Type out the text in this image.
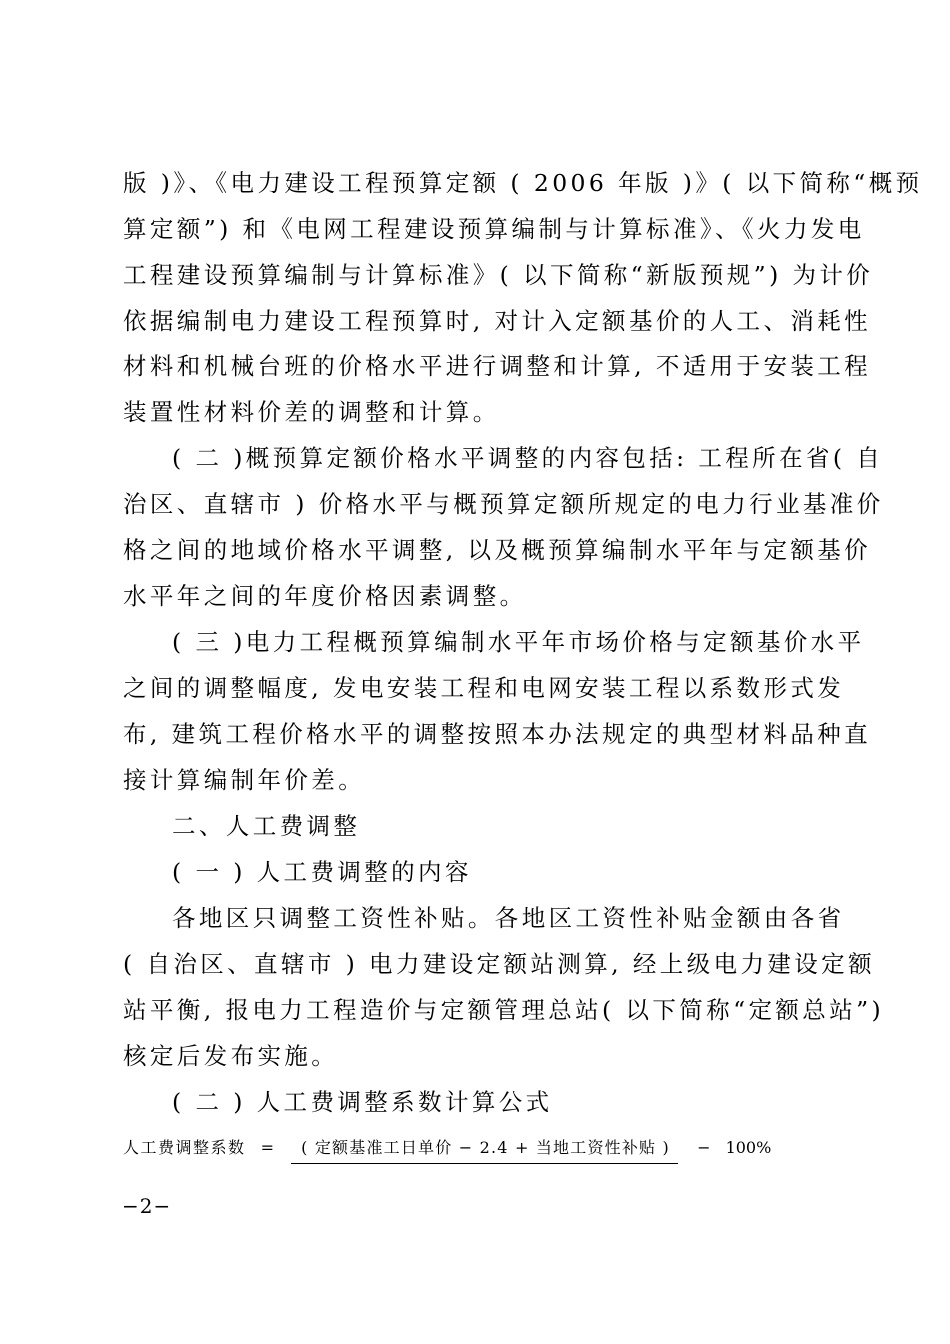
版 )》、《电力建设工程预算定额 ( 2006 年版 )》( 以下简称“概预
算定额”) 和《电网工程建设预算编制与计算标准》、《火力发电
工程建设预算编制与计算标准》( 以下简称“新版预规”) 为计价
依据编制电力建设工程预算时, 对计入定额基价的人工、消耗性
材料和机械台班的价格水平进行调整和计算, 不适用于安装工程
装置性材料价差的调整和计算。
( 二 )概预算定额价格水平调整的内容包括: 工程所在省( 自
治区、直辖市 ) 价格水平与概预算定额所规定的电力行业基准价
格之间的地域价格水平调整, 以及概预算编制水平年与定额基价
水平年之间的年度价格因素调整。
( 三 )电力工程概预算编制水平年市场价格与定额基价水平
之间的调整幅度, 发电安装工程和电网安装工程以系数形式发
布, 建筑工程价格水平的调整按照本办法规定的典型材料品种直
接计算编制年价差。
二、人工费调整
( 一 ) 人工费调整的内容
各地区只调整工资性补贴。各地区工资性补贴金额由各省
( 自治区、直辖市 ) 电力建设定额站测算, 经上级电力建设定额
站平衡, 报电力工程造价与定额管理总站( 以下简称“定额总站”)
核定后发布实施。
( 二 ) 人工费调整系数计算公式
人工费调整系数 = ( 定额基准工日单价 − 2.4 + 当地工资性补贴 ) − 100%
−2−
